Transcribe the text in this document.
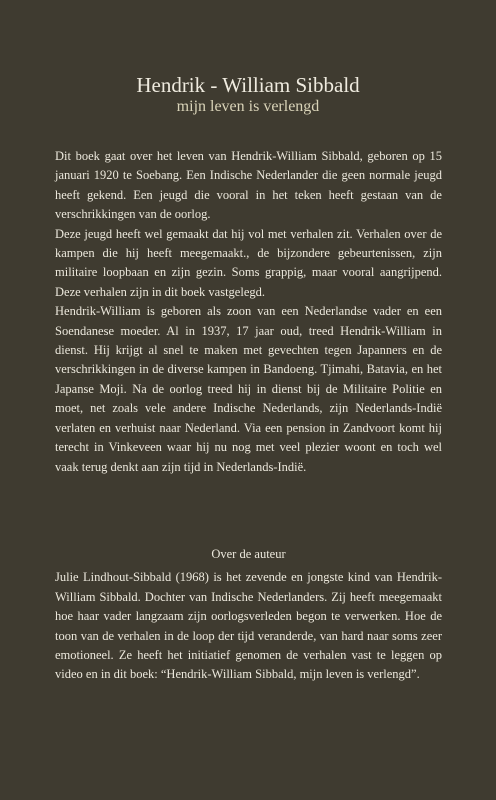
Hendrik - William Sibbald
mijn leven is verlengd

Dit boek gaat over het leven van Hendrik-William Sibbald, geboren op 15 januari 1920 te Soebang. Een Indische Nederlander die geen normale jeugd heeft gekend. Een jeugd die vooral in het teken heeft gestaan van de verschrikkingen van de oorlog.

Deze jeugd heeft wel gemaakt dat hij vol met verhalen zit. Verhalen over de kampen die hij heeft meegemaakt., de bijzondere gebeurtenissen, zijn militaire loopbaan en zijn gezin. Soms grappig, maar vooral aangrijpend. Deze verhalen zijn in dit boek vastgelegd.

Hendrik-William is geboren als zoon van een Nederlandse vader en een Soendanese moeder. Al in 1937, 17 jaar oud, treed Hendrik-William in dienst. Hij krijgt al snel te maken met gevechten tegen Japanners en de verschrikkingen in de diverse kampen in Bandoeng. Tjimahi, Batavia, en het Japanse Moji. Na de oorlog treed hij in dienst bij de Militaire Politie en moet, net zoals vele andere Indische Nederlands, zijn Nederlands-Indië verlaten en verhuist naar Nederland. Via een pension in Zandvoort komt hij terecht in Vinkeveen waar hij nu nog met veel plezier woont en toch wel vaak terug denkt aan zijn tijd in Nederlands-Indië.

Over de auteur

Julie Lindhout-Sibbald (1968) is het zevende en jongste kind van Hendrik-William Sibbald. Dochter van Indische Nederlanders. Zij heeft meegemaakt hoe haar vader langzaam zijn oorlogsverleden begon te verwerken. Hoe de toon van de verhalen in de loop der tijd veranderde, van hard naar soms zeer emotioneel. Ze heeft het initiatief genomen de verhalen vast te leggen op video en in dit boek: “Hendrik-William Sibbald, mijn leven is verlengd”.
